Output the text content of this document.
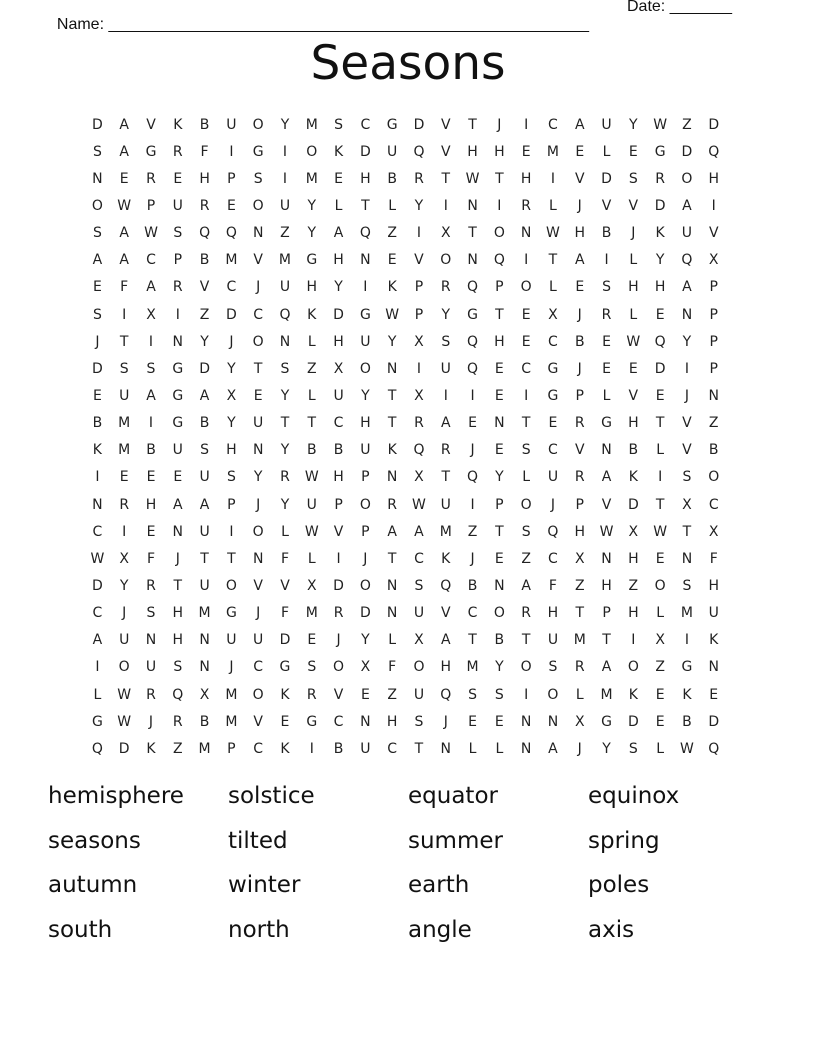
Name: ______________________________________________________

Date: _______

Seasons
D	A	V	K	B	U	O	Y	M	S	C	G	D	V	T	J	I	C	A	U	Y	W	Z	D
S	A	G	R	F	I	G	I	O	K	D	U	Q	V	H	H	E	M	E	L	E	G	D	Q
N	E	R	E	H	P	S	I	M	E	H	B	R	T	W	T	H	I	V	D	S	R	O	H
O	W	P	U	R	E	O	U	Y	L	T	L	Y	I	N	I	R	L	J	V	V	D	A	I
S	A	W	S	Q	Q	N	Z	Y	A	Q	Z	I	X	T	O	N	W	H	B	J	K	U	V
A	A	C	P	B	M	V	M	G	H	N	E	V	O	N	Q	I	T	A	I	L	Y	Q	X
E	F	A	R	V	C	J	U	H	Y	I	K	P	R	Q	P	O	L	E	S	H	H	A	P
S	I	X	I	Z	D	C	Q	K	D	G	W	P	Y	G	T	E	X	J	R	L	E	N	P
J	T	I	N	Y	J	O	N	L	H	U	Y	X	S	Q	H	E	C	B	E	W	Q	Y	P
D	S	S	G	D	Y	T	S	Z	X	O	N	I	U	Q	E	C	G	J	E	E	D	I	P
E	U	A	G	A	X	E	Y	L	U	Y	T	X	I	I	E	I	G	P	L	V	E	J	N
B	M	I	G	B	Y	U	T	T	C	H	T	R	A	E	N	T	E	R	G	H	T	V	Z
K	M	B	U	S	H	N	Y	B	B	U	K	Q	R	J	E	S	C	V	N	B	L	V	B
I	E	E	E	U	S	Y	R	W	H	P	N	X	T	Q	Y	L	U	R	A	K	I	S	O
N	R	H	A	A	P	J	Y	U	P	O	R	W	U	I	P	O	J	P	V	D	T	X	C
C	I	E	N	U	I	O	L	W	V	P	A	A	M	Z	T	S	Q	H	W	X	W	T	X
W	X	F	J	T	T	N	F	L	I	J	T	C	K	J	E	Z	C	X	N	H	E	N	F
D	Y	R	T	U	O	V	V	X	D	O	N	S	Q	B	N	A	F	Z	H	Z	O	S	H
C	J	S	H	M	G	J	F	M	R	D	N	U	V	C	O	R	H	T	P	H	L	M	U
A	U	N	H	N	U	U	D	E	J	Y	L	X	A	T	B	T	U	M	T	I	X	I	K
I	O	U	S	N	J	C	G	S	O	X	F	O	H	M	Y	O	S	R	A	O	Z	G	N
L	W	R	Q	X	M	O	K	R	V	E	Z	U	Q	S	S	I	O	L	M	K	E	K	E
G	W	J	R	B	M	V	E	G	C	N	H	S	J	E	E	N	N	X	G	D	E	B	D
Q	D	K	Z	M	P	C	K	I	B	U	C	T	N	L	L	N	A	J	Y	S	L	W	Q
hemisphere	solstice	equator	equinox
seasons	tilted	summer	spring
autumn	winter	earth	poles
south	north	angle	axis
